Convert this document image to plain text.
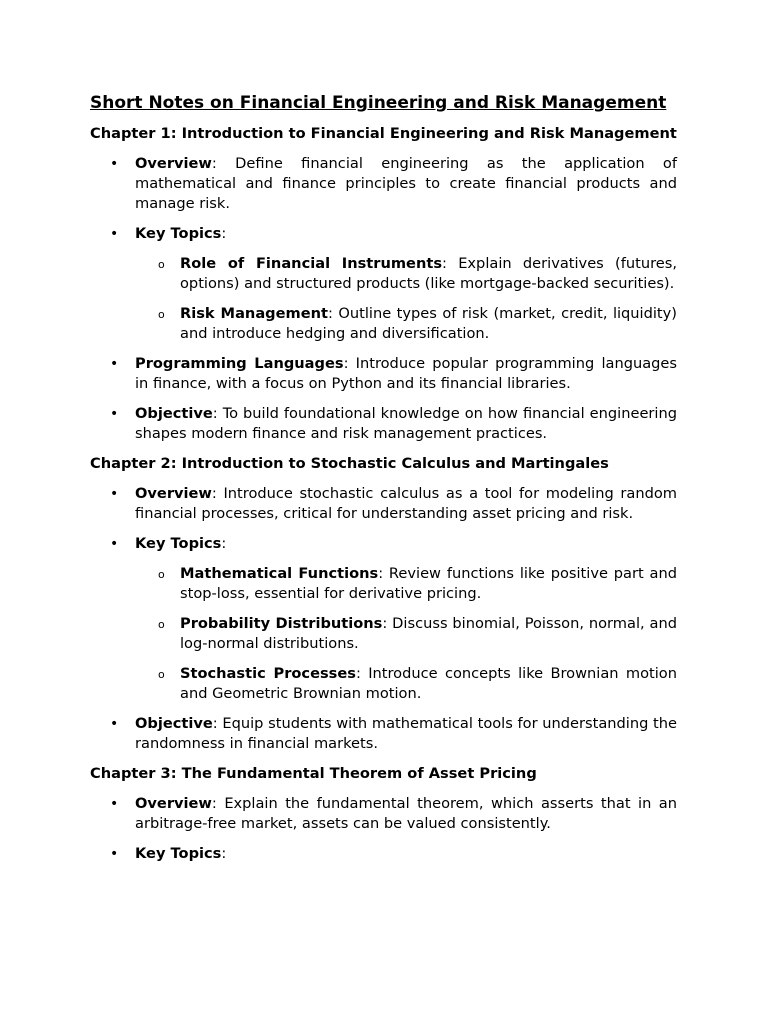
Short Notes on Financial Engineering and Risk Management
Chapter 1: Introduction to Financial Engineering and Risk Management
• Overview: Define financial engineering as the application of mathematical and finance principles to create financial products and manage risk.
• Key Topics:
o Role of Financial Instruments: Explain derivatives (futures, options) and structured products (like mortgage-backed securities).
o Risk Management: Outline types of risk (market, credit, liquidity) and introduce hedging and diversification.
• Programming Languages: Introduce popular programming languages in finance, with a focus on Python and its financial libraries.
• Objective: To build foundational knowledge on how financial engineering shapes modern finance and risk management practices.
Chapter 2: Introduction to Stochastic Calculus and Martingales
• Overview: Introduce stochastic calculus as a tool for modeling random financial processes, critical for understanding asset pricing and risk.
• Key Topics:
o Mathematical Functions: Review functions like positive part and stop-loss, essential for derivative pricing.
o Probability Distributions: Discuss binomial, Poisson, normal, and log-normal distributions.
o Stochastic Processes: Introduce concepts like Brownian motion and Geometric Brownian motion.
• Objective: Equip students with mathematical tools for understanding the randomness in financial markets.
Chapter 3: The Fundamental Theorem of Asset Pricing
• Overview: Explain the fundamental theorem, which asserts that in an arbitrage-free market, assets can be valued consistently.
• Key Topics:
